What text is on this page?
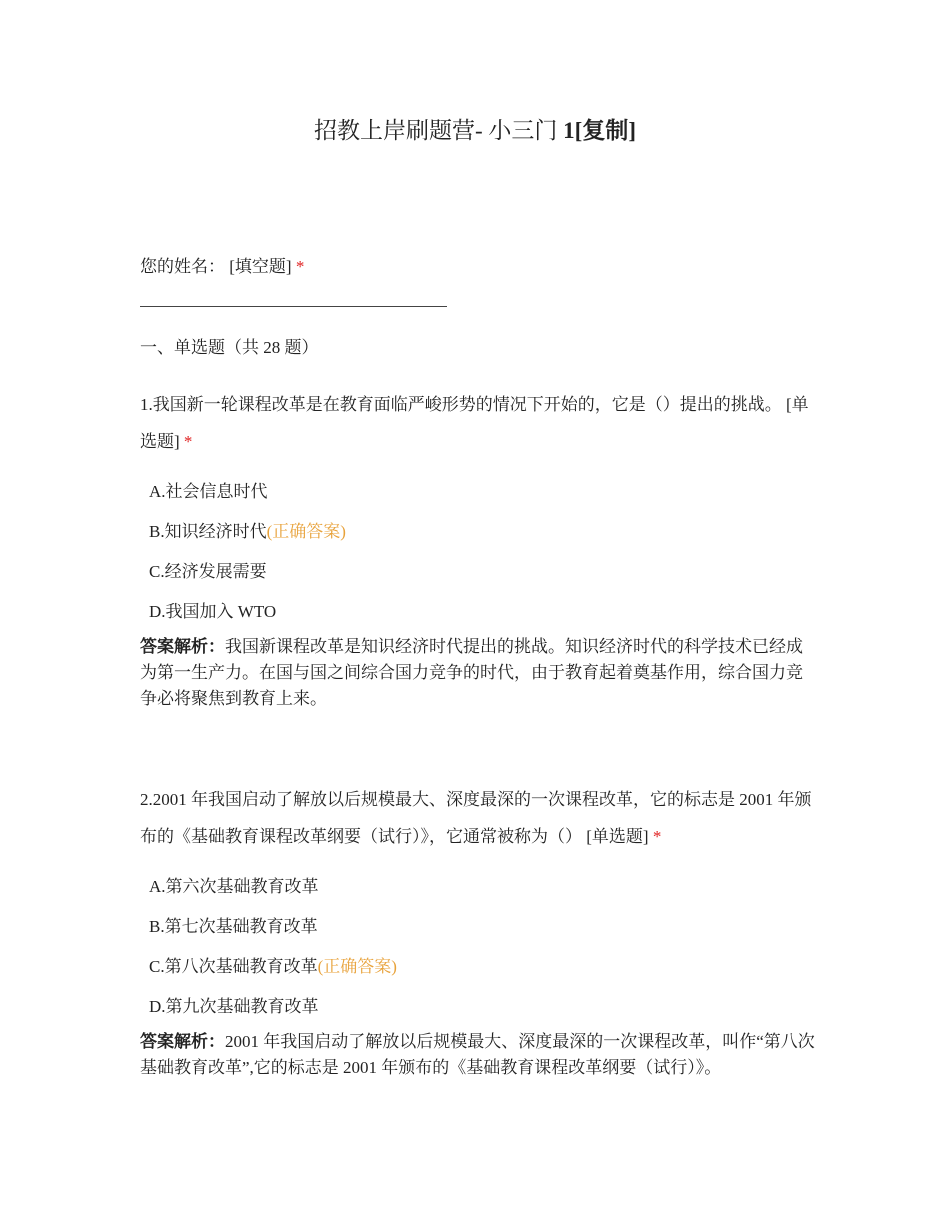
招教上岸刷题营- 小三门 1[复制]
您的姓名： [填空题] *
一、单选题（共 28 题）
1.我国新一轮课程改革是在教育面临严峻形势的情况下开始的，它是（）提出的挑战。 [单选题] *
A.社会信息时代
B.知识经济时代(正确答案)
C.经济发展需要
D.我国加入 WTO
答案解析：我国新课程改革是知识经济时代提出的挑战。知识经济时代的科学技术已经成为第一生产力。在国与国之间综合国力竞争的时代，由于教育起着奠基作用，综合国力竞争必将聚焦到教育上来。
2.2001 年我国启动了解放以后规模最大、深度最深的一次课程改革，它的标志是 2001 年颁布的《基础教育课程改革纲要（试行）》，它通常被称为（） [单选题] *
A.第六次基础教育改革
B.第七次基础教育改革
C.第八次基础教育改革(正确答案)
D.第九次基础教育改革
答案解析：2001 年我国启动了解放以后规模最大、深度最深的一次课程改革，叫作“第八次基础教育改革”,它的标志是 2001 年颁布的《基础教育课程改革纲要（试行）》。
